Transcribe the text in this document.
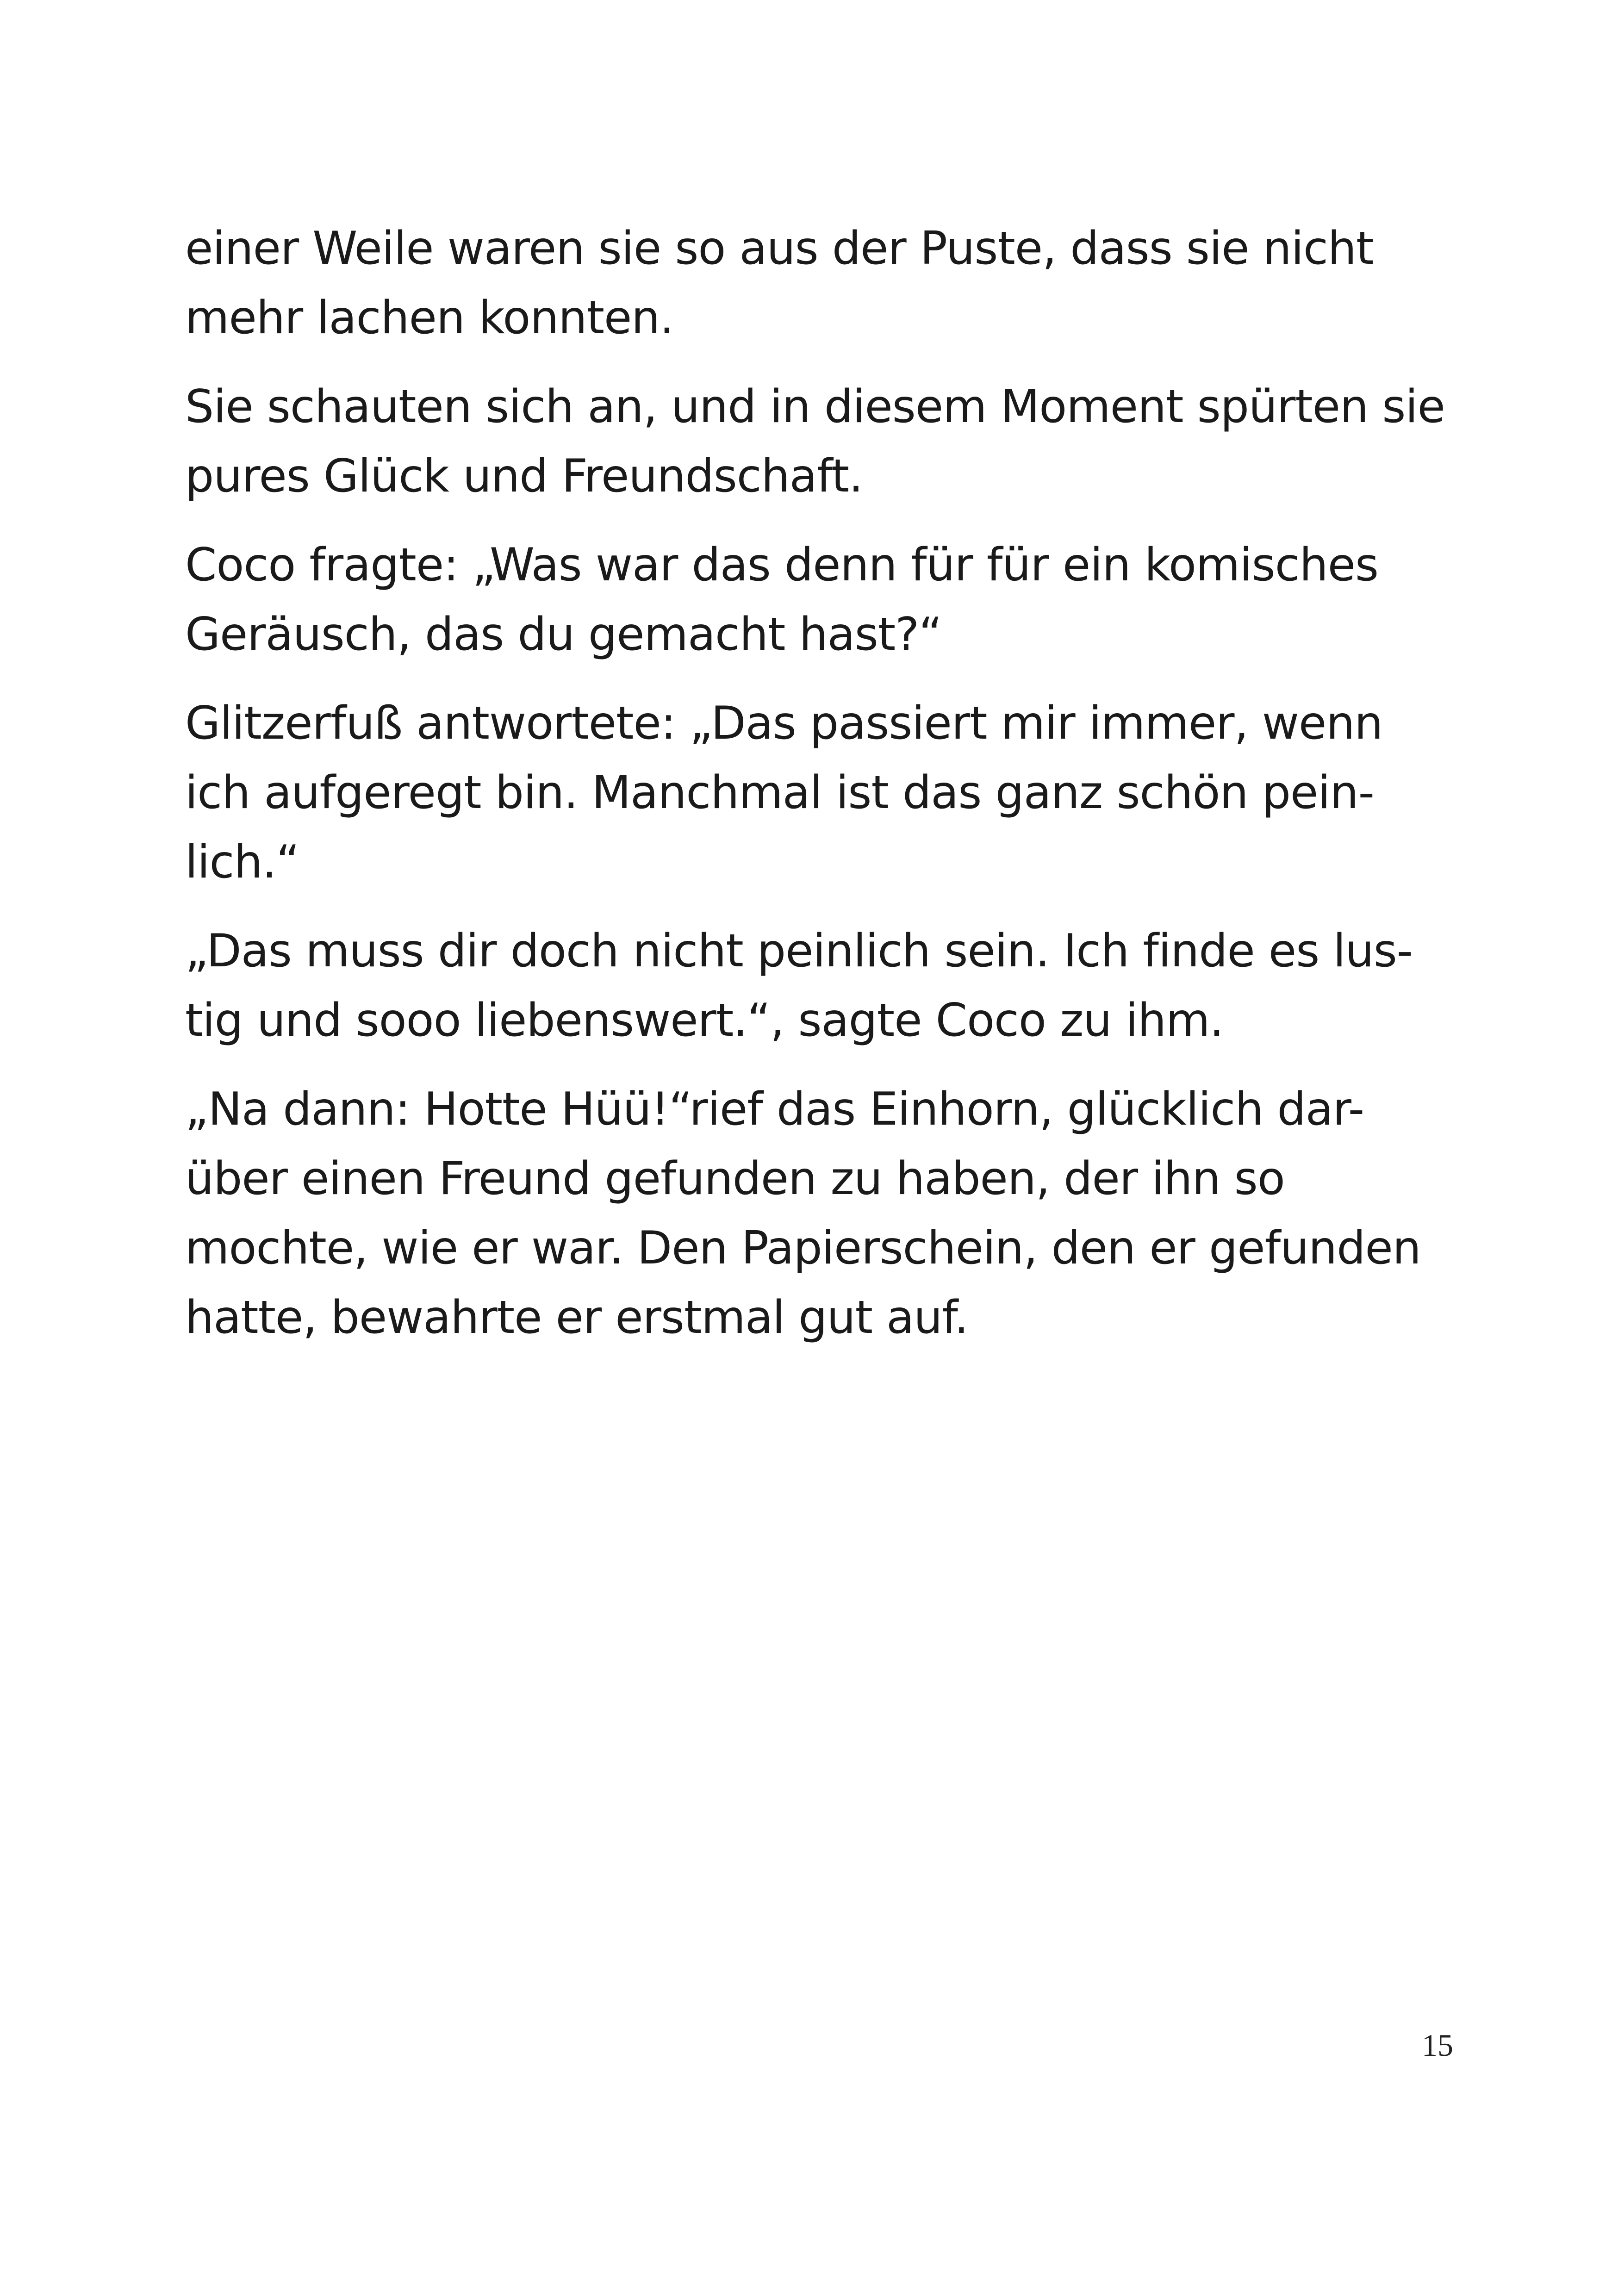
einer Weile waren sie so aus der Puste, dass sie nicht
mehr lachen konnten.

Sie schauten sich an, und in diesem Moment spürten sie
pures Glück und Freundschaft.

Coco fragte: „Was war das denn für für ein komisches
Geräusch, das du gemacht hast?“

Glitzerfuß antwortete: „Das passiert mir immer, wenn
ich aufgeregt bin. Manchmal ist das ganz schön pein-
lich.“

„Das muss dir doch nicht peinlich sein. Ich finde es lus-
tig und sooo liebenswert.“, sagte Coco zu ihm.

„Na dann: Hotte Hüü!“rief das Einhorn, glücklich dar-
über einen Freund gefunden zu haben, der ihn so
mochte, wie er war. Den Papierschein, den er gefunden
hatte, bewahrte er erstmal gut auf.

15
